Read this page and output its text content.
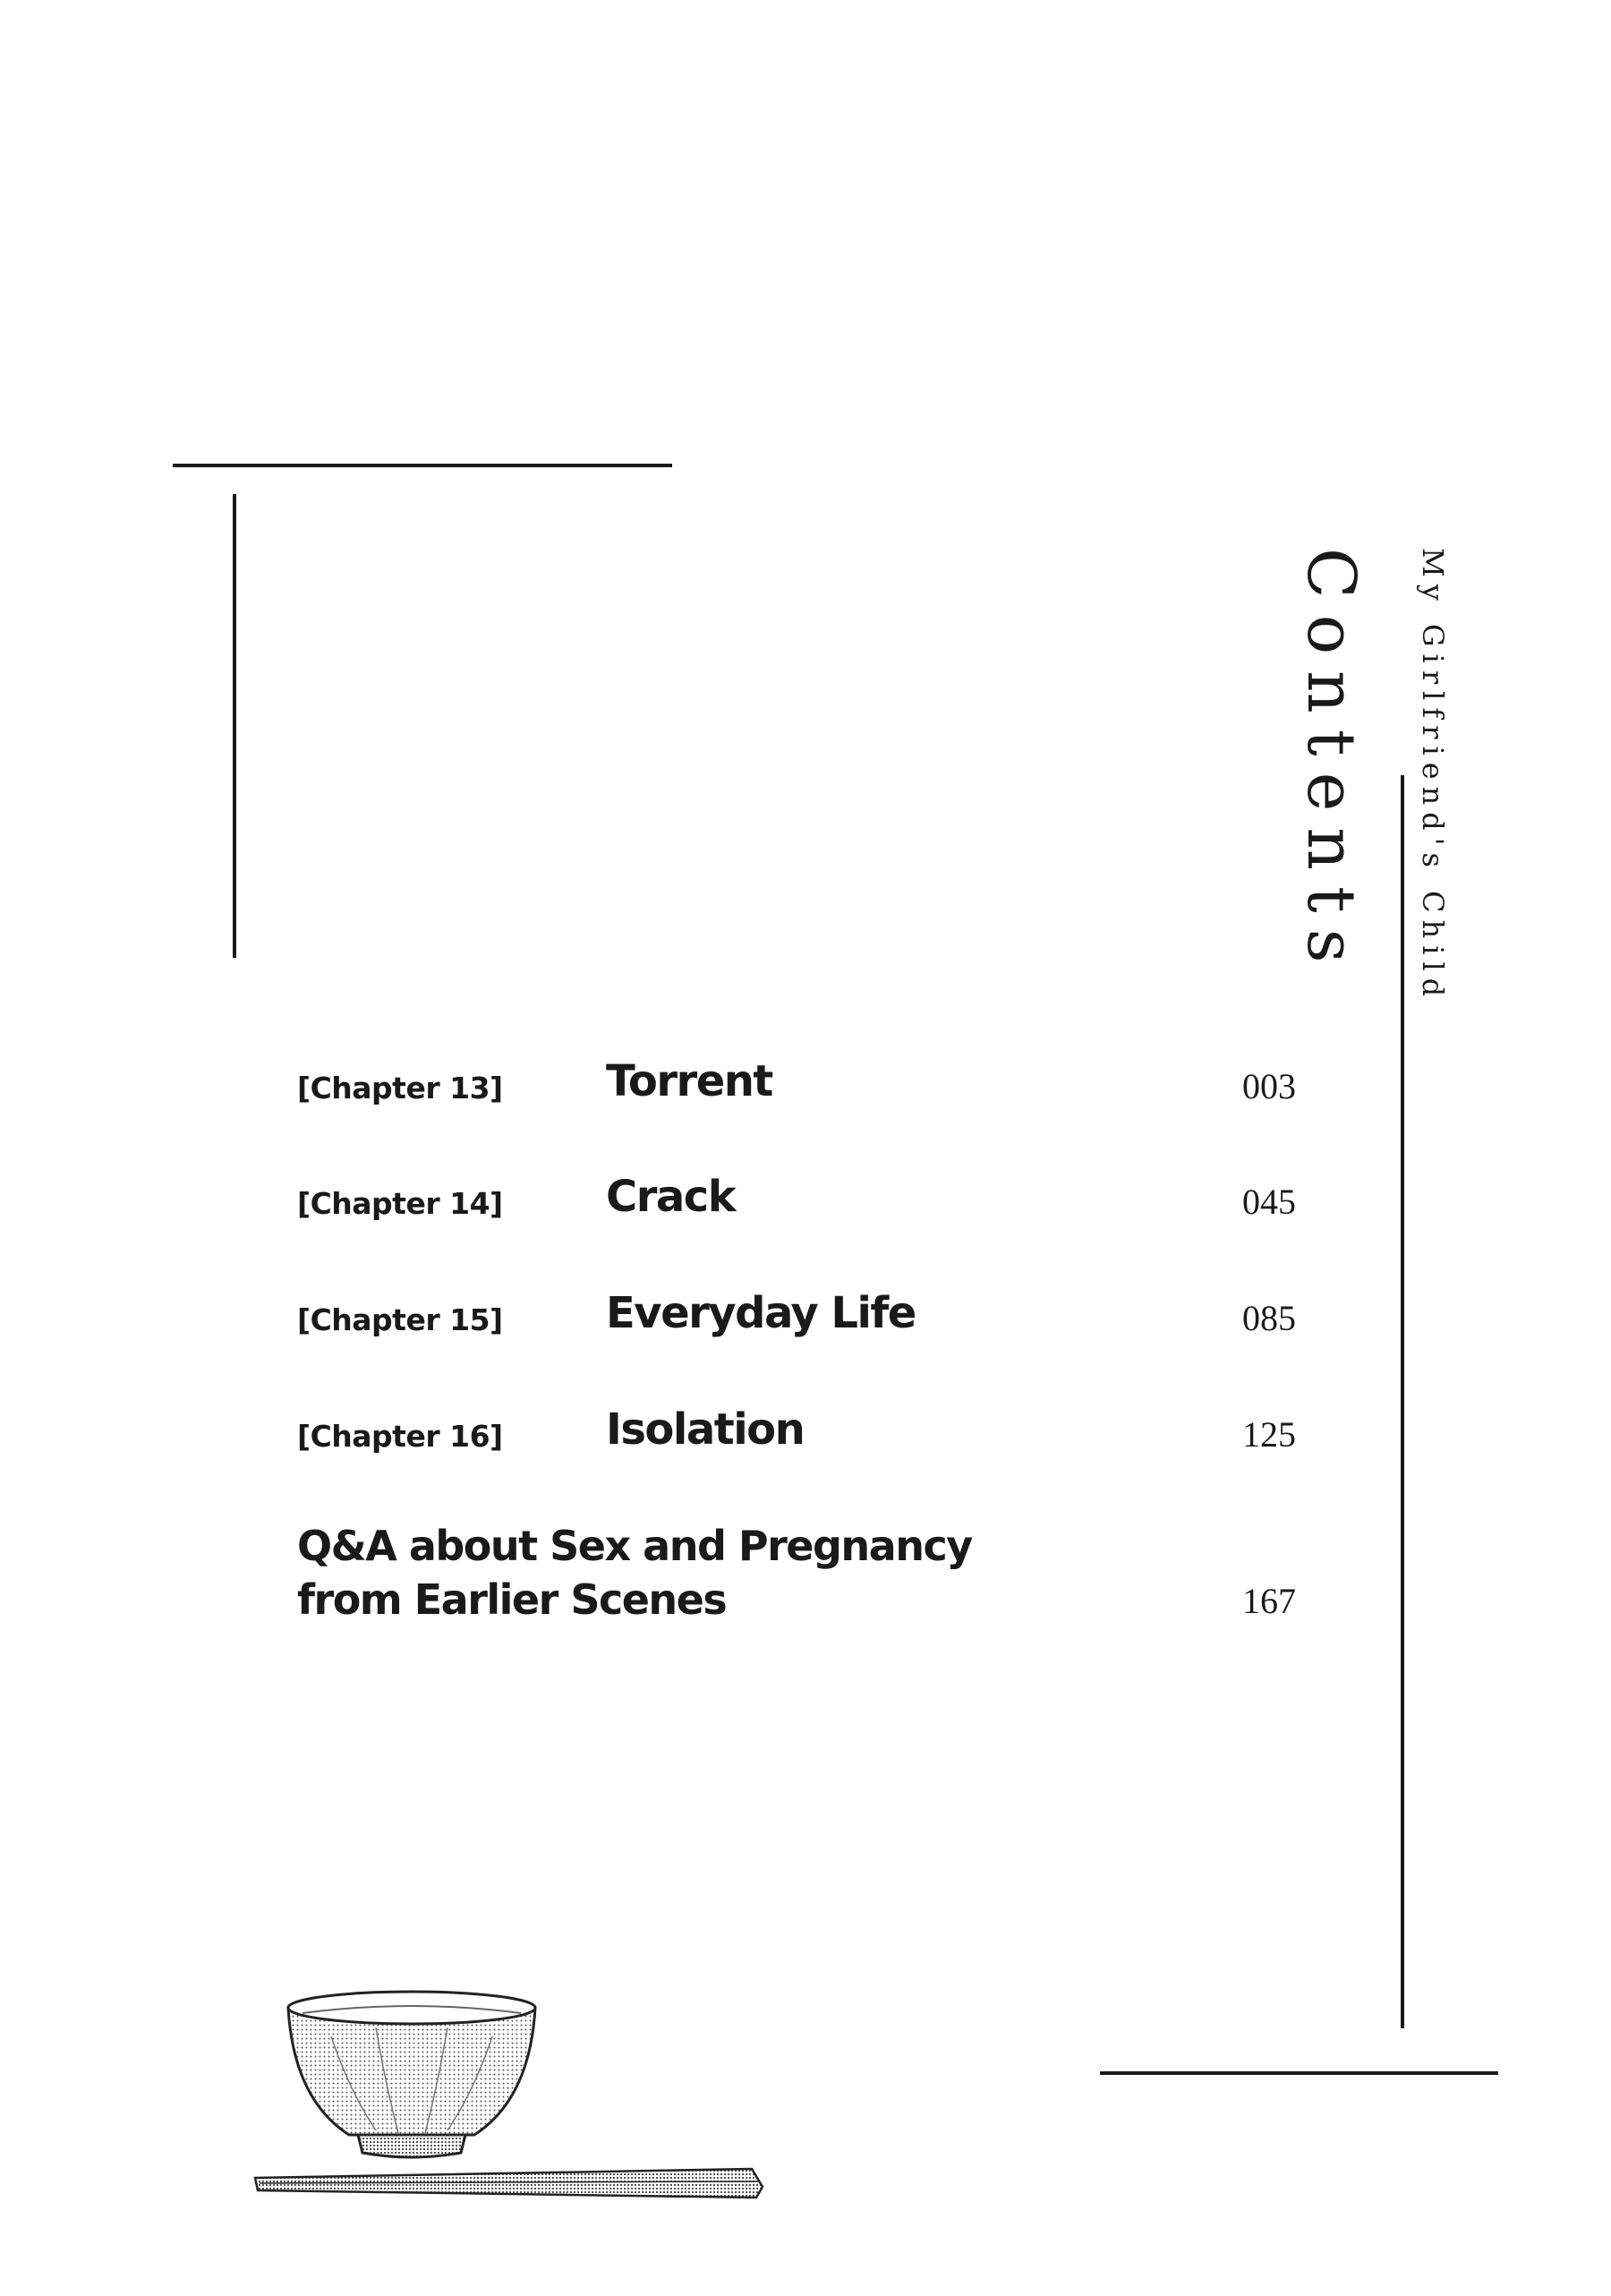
Contents My Girlfriend's Child
[Chapter 13] Torrent	003
[Chapter 14] Crack	045
[Chapter 15] Everyday Life	085
[Chapter 16] Isolation	125
Q&A about Sex and Pregnancy
from Earlier Scenes	167
